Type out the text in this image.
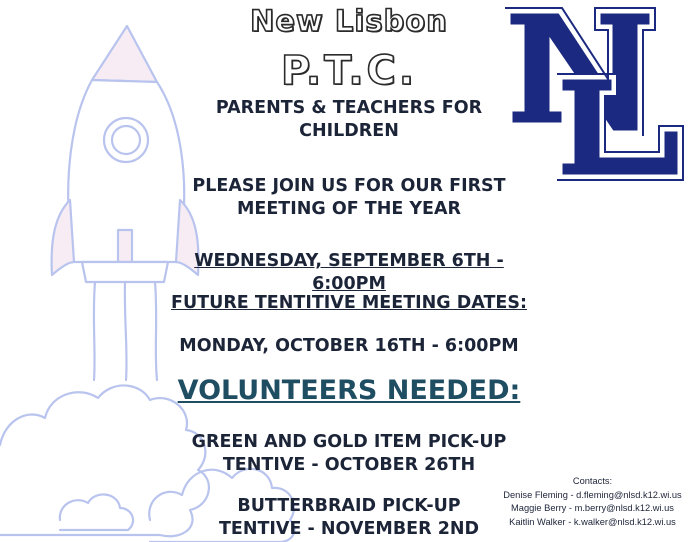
New Lisbon
P.T.C.
PARENTS & TEACHERS FOR
CHILDREN
PLEASE JOIN US FOR OUR FIRST
MEETING OF THE YEAR
WEDNESDAY, SEPTEMBER 6TH - 6:00PM
FUTURE TENTITIVE MEETING DATES:
MONDAY, OCTOBER 16TH - 6:00PM
VOLUNTEERS NEEDED:
GREEN AND GOLD ITEM PICK-UP
TENTIVE - OCTOBER 26TH
BUTTERBRAID PICK-UP
TENTIVE - NOVEMBER 2ND
Contacts:
Denise Fleming - d.fleming@nlsd.k12.wi.us
Maggie Berry - m.berry@nlsd.k12.wi.us
Kaitlin Walker - k.walker@nlsd.k12.wi.us
